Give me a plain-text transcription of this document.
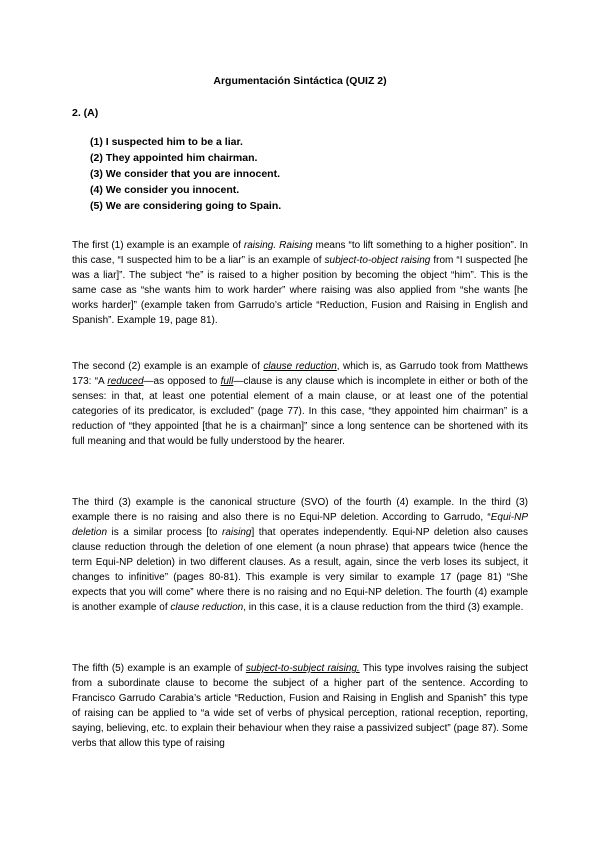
Argumentación Sintáctica (QUIZ 2)
2. (A)
(1) I suspected him to be a liar.
(2) They appointed him chairman.
(3) We consider that you are innocent.
(4) We consider you innocent.
(5) We are considering going to Spain.

The first (1) example is an example of raising. Raising means “to lift something to a higher position”. In this case, “I suspected him to be a liar” is an example of subject-to-object raising from “I suspected [he was a liar]”. The subject “he” is raised to a higher position by becoming the object “him”. This is the same case as “she wants him to work harder” where raising was also applied from “she wants [he works harder]” (example taken from Garrudo’s article “Reduction, Fusion and Raising in English and Spanish”. Example 19, page 81).

The second (2) example is an example of clause reduction, which is, as Garrudo took from Matthews 173: “A reduced—as opposed to full—clause is any clause which is incomplete in either or both of the senses: in that, at least one potential element of a main clause, or at least one of the potential categories of its predicator, is excluded” (page 77). In this case, “they appointed him chairman” is a reduction of “they appointed [that he is a chairman]” since a long sentence can be shortened with its full meaning and that would be fully understood by the hearer.

The third (3) example is the canonical structure (SVO) of the fourth (4) example. In the third (3) example there is no raising and also there is no Equi-NP deletion. According to Garrudo, “Equi-NP deletion is a similar process [to raising] that operates independently. Equi-NP deletion also causes clause reduction through the deletion of one element (a noun phrase) that appears twice (hence the term Equi-NP deletion) in two different clauses. As a result, again, since the verb loses its subject, it changes to infinitive” (pages 80-81). This example is very similar to example 17 (page 81) “She expects that you will come” where there is no raising and no Equi-NP deletion. The fourth (4) example is another example of clause reduction, in this case, it is a clause reduction from the third (3) example.

The fifth (5) example is an example of subject-to-subject raising. This type involves raising the subject from a subordinate clause to become the subject of a higher part of the sentence. According to Francisco Garrudo Carabia’s article “Reduction, Fusion and Raising in English and Spanish” this type of raising can be applied to “a wide set of verbs of physical perception, rational reception, reporting, saying, believing, etc. to explain their behaviour when they raise a passivized subject” (page 87). Some verbs that allow this type of raising
